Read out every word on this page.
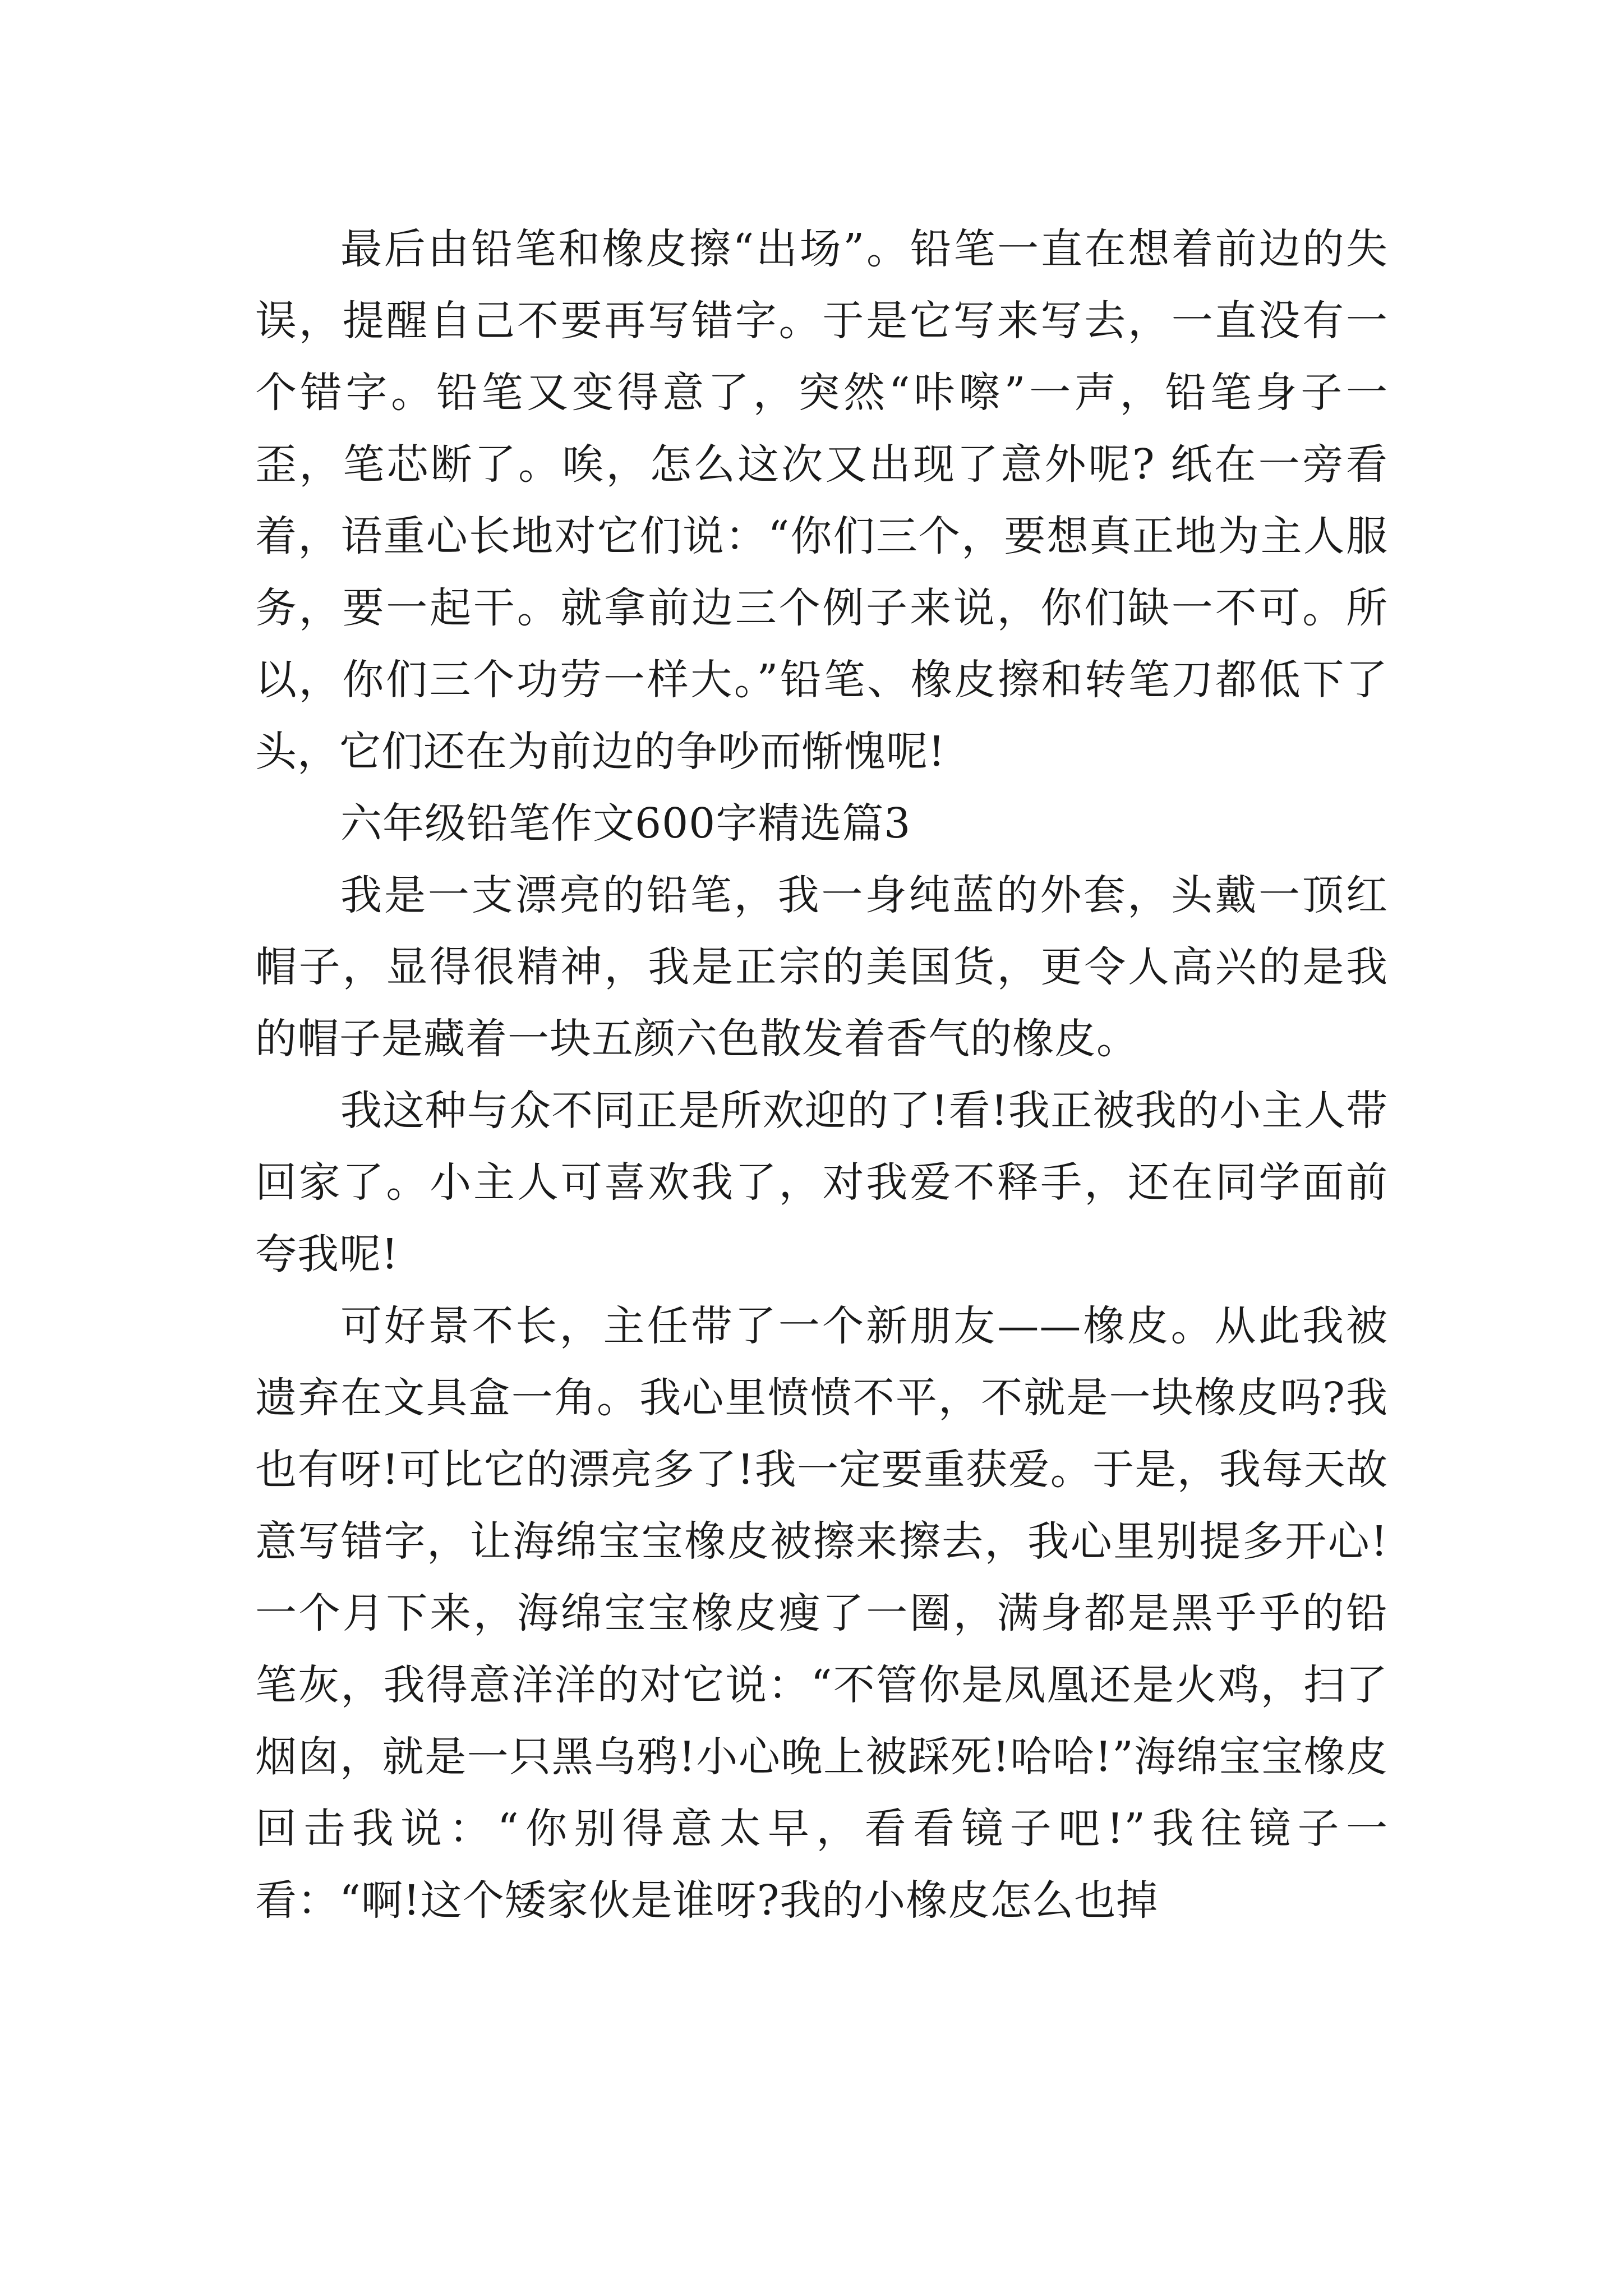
最后由铅笔和橡皮擦“出场”。铅笔一直在想着前边的失误，提醒自己不要再写错字。于是它写来写去，一直没有一个错字。铅笔又变得意了，突然“咔嚓”一声，铅笔身子一歪，笔芯断了。唉，怎么这次又出现了意外呢? 纸在一旁看着，语重心长地对它们说：“你们三个，要想真正地为主人服务，要一起干。就拿前边三个例子来说，你们缺一不可。所以，你们三个功劳一样大。”铅笔、橡皮擦和转笔刀都低下了头，它们还在为前边的争吵而惭愧呢!

六年级铅笔作文600字精选篇3

我是一支漂亮的铅笔，我一身纯蓝的外套，头戴一顶红帽子，显得很精神，我是正宗的美国货，更令人高兴的是我的帽子是藏着一块五颜六色散发着香气的橡皮。

我这种与众不同正是所欢迎的了!看!我正被我的小主人带回家了。小主人可喜欢我了，对我爱不释手，还在同学面前夸我呢!

可好景不长，主任带了一个新朋友——橡皮。从此我被遗弃在文具盒一角。我心里愤愤不平，不就是一块橡皮吗?我也有呀!可比它的漂亮多了!我一定要重获爱。于是，我每天故意写错字，让海绵宝宝橡皮被擦来擦去，我心里别提多开心!一个月下来，海绵宝宝橡皮瘦了一圈，满身都是黑乎乎的铅笔灰，我得意洋洋的对它说：“不管你是凤凰还是火鸡，扫了烟囱，就是一只黑乌鸦!小心晚上被踩死!哈哈!”海绵宝宝橡皮回击我说：“你别得意太早，看看镜子吧!”我往镜子一看：“啊!这个矮家伙是谁呀?我的小橡皮怎么也掉
